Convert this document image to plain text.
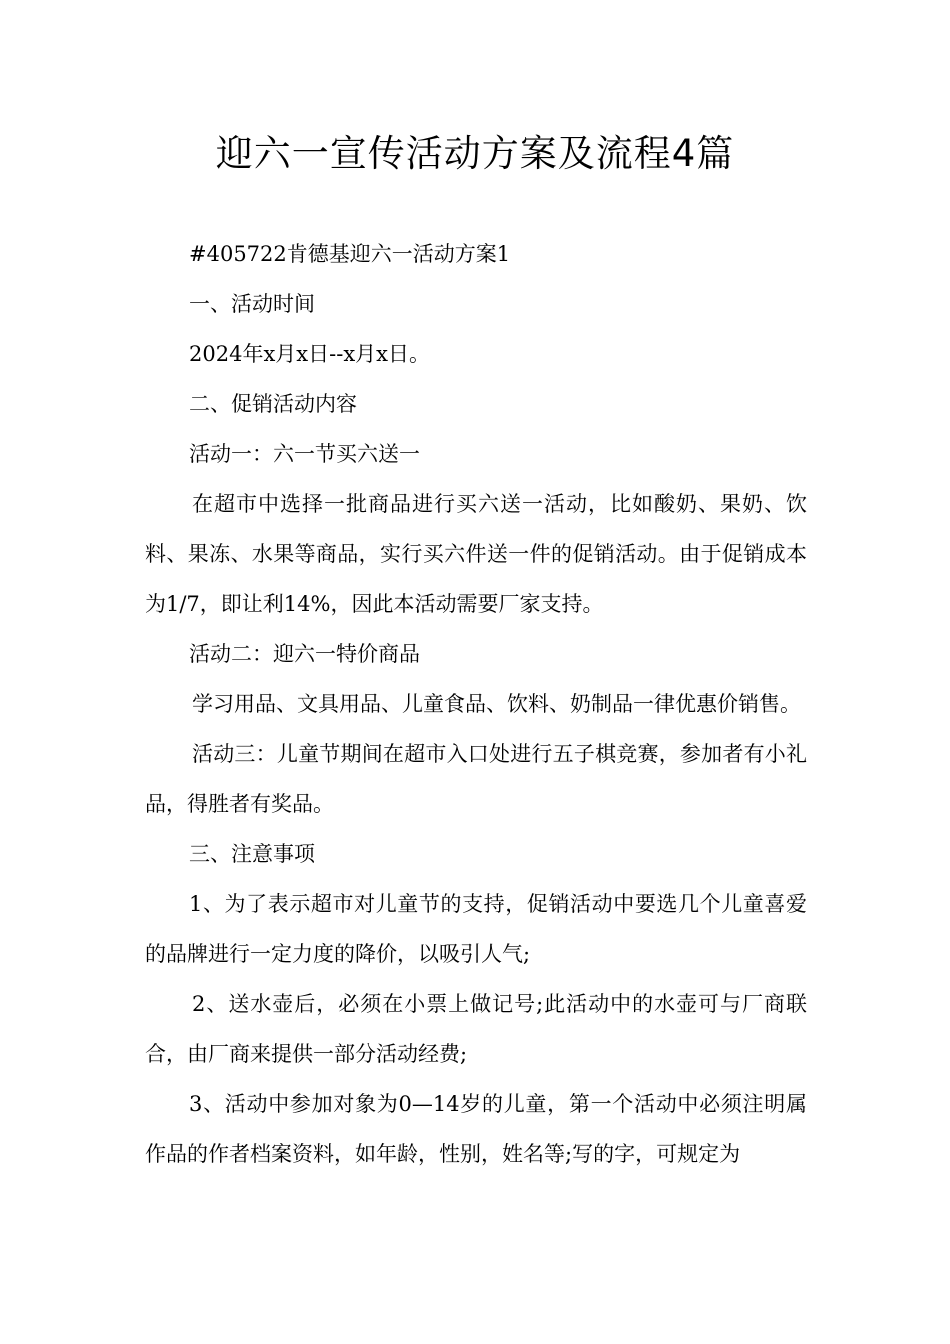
迎六一宣传活动方案及流程4篇

#405722肯德基迎六一活动方案1

一、活动时间

2024年x月x日--x月x日。

二、促销活动内容

活动一：六一节买六送一

在超市中选择一批商品进行买六送一活动，比如酸奶、果奶、饮料、果冻、水果等商品，实行买六件送一件的促销活动。由于促销成本为1/7，即让利14%，因此本活动需要厂家支持。

活动二：迎六一特价商品

学习用品、文具用品、儿童食品、饮料、奶制品一律优惠价销售。

活动三：儿童节期间在超市入口处进行五子棋竞赛，参加者有小礼品，得胜者有奖品。

三、注意事项

1、为了表示超市对儿童节的支持，促销活动中要选几个儿童喜爱的品牌进行一定力度的降价，以吸引人气;

2、送水壶后，必须在小票上做记号;此活动中的水壶可与厂商联合，由厂商来提供一部分活动经费;

3、活动中参加对象为0—14岁的儿童，第一个活动中必须注明属作品的作者档案资料，如年龄，性别，姓名等;写的字，可规定为
